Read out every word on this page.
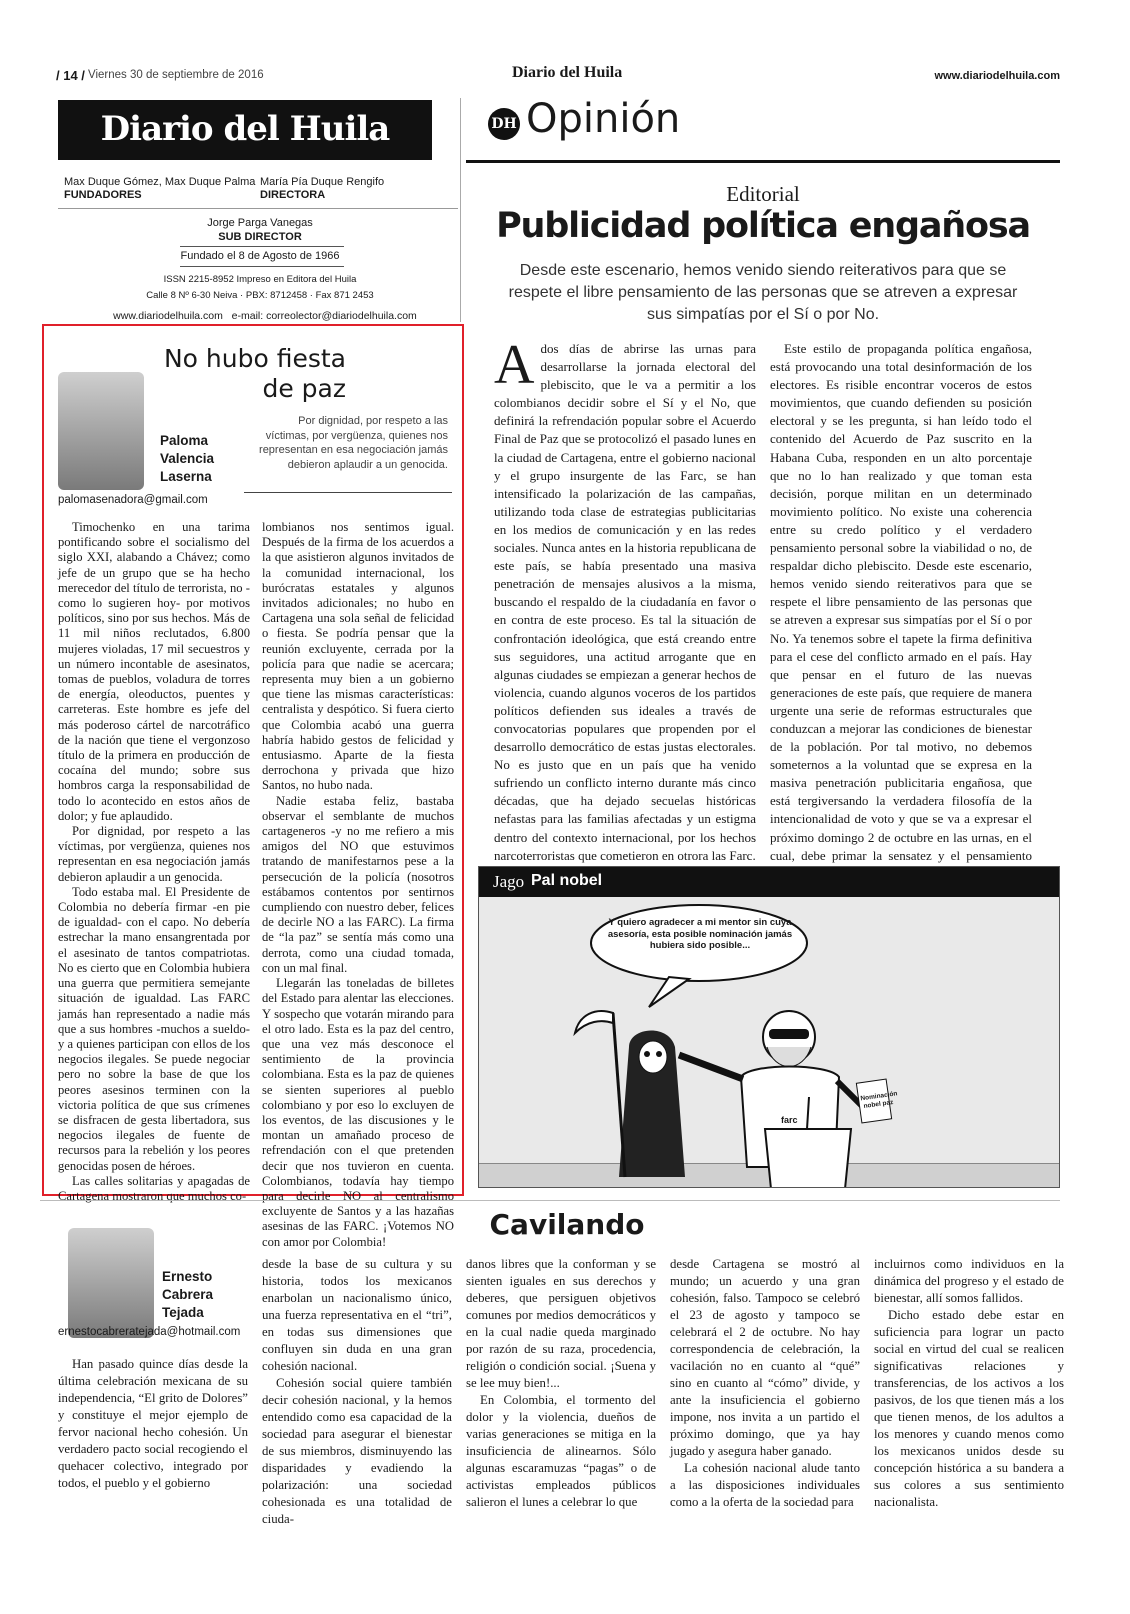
/ 14 / Viernes 30 de septiembre de 2016	Diario del Huila	www.diariodelhuila.com
Diario del Huila
Max Duque Gómez, Max Duque Palma
FUNDADORES
María Pía Duque Rengifo
DIRECTORA
Jorge Parga Vanegas
SUB DIRECTOR
Fundado el 8 de Agosto de 1966
ISSN 2215-8952 Impreso en Editora del Huila
Calle 8 Nº 6-30 Neiva · PBX: 8712458 · Fax 871 2453
www.diariodelhuila.com e-mail: correolector@diariodelhuila.com
DH Opinión
Editorial
Publicidad política engañosa
Desde este escenario, hemos venido siendo reiterativos para que se respete el libre pensamiento de las personas que se atreven a expresar sus simpatías por el Sí o por No.
Ados días de abrirse las urnas para desarrollarse la jornada electoral del plebiscito, que le va a permitir a los colombianos decidir sobre el Sí y el No, que definirá la refrendación popular sobre el Acuerdo Final de Paz que se protocolizó el pasado lunes en la ciudad de Cartagena, entre el gobierno nacional y el grupo insurgente de las Farc, se han intensificado la polarización de las campañas, utilizando toda clase de estrategias publicitarias en los medios de comunicación y en las redes sociales. Nunca antes en la historia republicana de este país, se había presentado una masiva penetración de mensajes alusivos a la misma, buscando el respaldo de la ciudadanía en favor o en contra de este proceso. Es tal la situación de confrontación ideológica, que está creando entre sus seguidores, una actitud arrogante que en algunas ciudades se empiezan a generar hechos de violencia, cuando algunos voceros de los partidos políticos defienden sus ideales a través de convocatorias populares que propenden por el desarrollo democrático de estas justas electorales. No es justo que en un país que ha venido sufriendo un conflicto interno durante más cinco décadas, que ha dejado secuelas históricas nefastas para las familias afectadas y un estigma dentro del contexto internacional, por los hechos narcoterroristas que cometieron en otrora las Farc.

Este estilo de propaganda política engañosa, está provocando una total desinformación de los electores. Es risible encontrar voceros de estos movimientos, que cuando defienden su posición electoral y se les pregunta, si han leído todo el contenido del Acuerdo de Paz suscrito en la Habana Cuba, responden en un alto porcentaje que no lo han realizado y que toman esta decisión, porque militan en un determinado movimiento político. No existe una coherencia entre su credo político y el verdadero pensamiento personal sobre la viabilidad o no, de respaldar dicho plebiscito. Desde este escenario, hemos venido siendo reiterativos para que se respete el libre pensamiento de las personas que se atreven a expresar sus simpatías por el Sí o por No. Ya tenemos sobre el tapete la firma definitiva para el cese del conflicto armado en el país. Hay que pensar en el futuro de las nuevas generaciones de este país, que requiere de manera urgente una serie de reformas estructurales que conduzcan a mejorar las condiciones de bienestar de la población. Por tal motivo, no debemos someternos a la voluntad que se expresa en la masiva penetración publicitaria engañosa, que está tergiversando la verdadera filosofía de la intencionalidad de voto y que se va a expresar el próximo domingo 2 de octubre en las urnas, en el cual, debe primar la sensatez y el pensamiento

No hubo fiesta de paz
Paloma Valencia Laserna
Por dignidad, por respeto a las víctimas, por vergüenza, quienes nos representan en esa negociación jamás debieron aplaudir a un genocida.
palomasenadora@gmail.com

Timochenko en una tarima pontificando sobre el socialismo del siglo XXI, alabando a Chávez; como jefe de un grupo que se ha hecho merecedor del título de terrorista, no -como lo sugieren hoy- por motivos políticos, sino por sus hechos. Más de 11 mil niños reclutados, 6.800 mujeres violadas, 17 mil secuestros y un número incontable de asesinatos, tomas de pueblos, voladura de torres de energía, oleoductos, puentes y carreteras. Este hombre es jefe del más poderoso cártel de narcotráfico de la nación que tiene el vergonzoso título de la primera en producción de cocaína del mundo; sobre sus hombros carga la responsabilidad de todo lo acontecido en estos años de dolor; y fue aplaudido.

Por dignidad, por respeto a las víctimas, por vergüenza, quienes nos representan en esa negociación jamás debieron aplaudir a un genocida.

Todo estaba mal. El Presidente de Colombia no debería firmar -en pie de igualdad- con el capo. No debería estrechar la mano ensangrentada por el asesinato de tantos compatriotas. No es cierto que en Colombia hubiera una guerra que permitiera semejante situación de igualdad. Las FARC jamás han representado a nadie más que a sus hombres -muchos a sueldo- y a quienes participan con ellos de los negocios ilegales. Se puede negociar pero no sobre la base de que los peores asesinos terminen con la victoria política de que sus crímenes se disfracen de gesta libertadora, sus negocios ilegales de fuente de recursos para la rebelión y los peores genocidas posen de héroes.

Las calles solitarias y apagadas de Cartagena mostraron que muchos co-

lombianos nos sentimos igual. Después de la firma de los acuerdos a la que asistieron algunos invitados de la comunidad internacional, los burócratas estatales y algunos invitados adicionales; no hubo en Cartagena una sola señal de felicidad o fiesta. Se podría pensar que la reunión excluyente, cerrada por la policía para que nadie se acercara; representa muy bien a un gobierno que tiene las mismas características: centralista y despótico. Si fuera cierto que Colombia acabó una guerra habría habido gestos de felicidad y entusiasmo. Aparte de la fiesta derrochona y privada que hizo Santos, no hubo nada.

Nadie estaba feliz, bastaba observar el semblante de muchos cartageneros -y no me refiero a mis amigos del NO que estuvimos tratando de manifestarnos pese a la persecución de la policía (nosotros estábamos contentos por sentirnos cumpliendo con nuestro deber, felices de decirle NO a las FARC). La firma de “la paz” se sentía más como una derrota, como una ciudad tomada, con un mal final.

Llegarán las toneladas de billetes del Estado para alentar las elecciones. Y sospecho que votarán mirando para el otro lado. Esta es la paz del centro, que una vez más desconoce el sentimiento de la provincia colombiana. Esta es la paz de quienes se sienten superiores al pueblo colombiano y por eso lo excluyen de los eventos, de las discusiones y le montan un amañado proceso de refrendación con el que pretenden decir que nos tuvieron en cuenta. Colombianos, todavía hay tiempo para decirle NO al centralismo excluyente de Santos y a las hazañas asesinas de las FARC. ¡Votemos NO con amor por Colombia!

Jago Pal nobel
Y quiero agradecer a mi mentor sin cuya asesoría, esta posible nominación jamás hubiera sido posible...
farc
Nominación nobel paz
Cavilando
Ernesto Cabrera Tejada
ernestocabreratejada@hotmail.com

Han pasado quince días desde la última celebración mexicana de su independencia, “El grito de Dolores” y constituye el mejor ejemplo de fervor nacional hecho cohesión. Un verdadero pacto social recogiendo el quehacer colectivo, integrado por todos, el pueblo y el gobierno

desde la base de su cultura y su historia, todos los mexicanos enarbolan un nacionalismo único, una fuerza representativa en el “tri”, en todas sus dimensiones que confluyen sin duda en una gran cohesión nacional.

Cohesión social quiere también decir cohesión nacional, y la hemos entendido como esa capacidad de la sociedad para asegurar el bienestar de sus miembros, disminuyendo las disparidades y evadiendo la polarización: una sociedad cohesionada es una totalidad de ciuda-

danos libres que la conforman y se sienten iguales en sus derechos y deberes, que persiguen objetivos comunes por medios democráticos y en la cual nadie queda marginado por razón de su raza, procedencia, religión o condición social. ¡Suena y se lee muy bien!...

En Colombia, el tormento del dolor y la violencia, dueños de varias generaciones se mitiga en la insuficiencia de alinearnos. Sólo algunas escaramuzas “pagas” o de activistas empleados públicos salieron el lunes a celebrar lo que

desde Cartagena se mostró al mundo; un acuerdo y una gran cohesión, falso. Tampoco se celebró el 23 de agosto y tampoco se celebrará el 2 de octubre. No hay correspondencia de celebración, la vacilación no en cuanto al “qué” sino en cuanto al “cómo” divide, y ante la insuficiencia el gobierno impone, nos invita a un partido el próximo domingo, que ya hay jugado y asegura haber ganado.

La cohesión nacional alude tanto a las disposiciones individuales como a la oferta de la sociedad para

incluirnos como individuos en la dinámica del progreso y el estado de bienestar, allí somos fallidos.

Dicho estado debe estar en suficiencia para lograr un pacto social en virtud del cual se realicen significativas relaciones y transferencias, de los activos a los pasivos, de los que tienen más a los que tienen menos, de los adultos a los menores y cuando menos como los mexicanos unidos desde su concepción histórica a su bandera a sus colores a sus sentimiento nacionalista.
